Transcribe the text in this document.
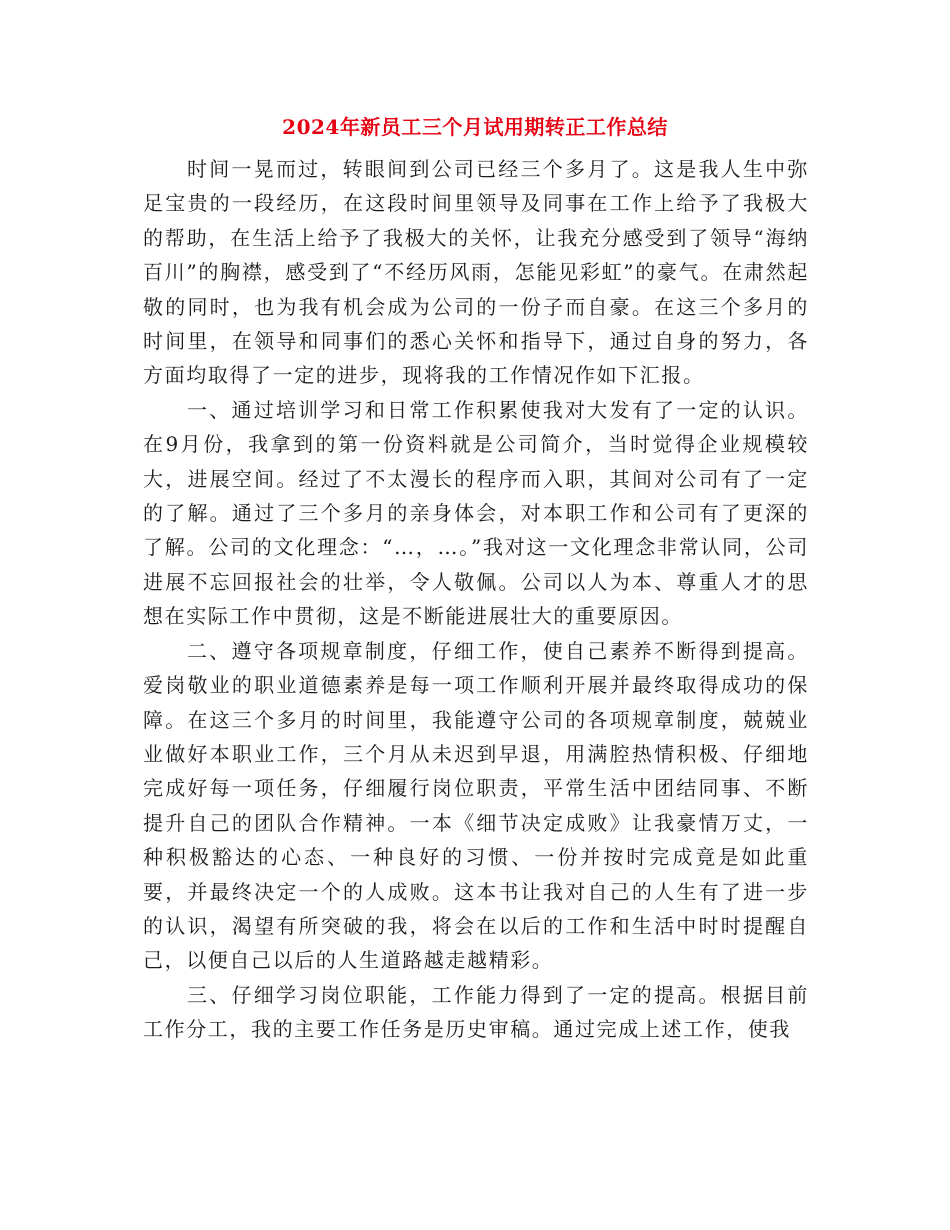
2024年新员工三个月试用期转正工作总结

时间一晃而过，转眼间到公司已经三个多月了。这是我人生中弥足宝贵的一段经历，在这段时间里领导及同事在工作上给予了我极大的帮助，在生活上给予了我极大的关怀，让我充分感受到了领导“海纳百川”的胸襟，感受到了“不经历风雨，怎能见彩虹”的豪气。在肃然起敬的同时，也为我有机会成为公司的一份子而自豪。在这三个多月的时间里，在领导和同事们的悉心关怀和指导下，通过自身的努力，各方面均取得了一定的进步，现将我的工作情况作如下汇报。

一、通过培训学习和日常工作积累使我对大发有了一定的认识。在9月份，我拿到的第一份资料就是公司简介，当时觉得企业规模较大，进展空间。经过了不太漫长的程序而入职，其间对公司有了一定的了解。通过了三个多月的亲身体会，对本职工作和公司有了更深的了解。公司的文化理念：“…，…。”我对这一文化理念非常认同，公司进展不忘回报社会的壮举，令人敬佩。公司以人为本、尊重人才的思想在实际工作中贯彻，这是不断能进展壮大的重要原因。

二、遵守各项规章制度，仔细工作，使自己素养不断得到提高。爱岗敬业的职业道德素养是每一项工作顺利开展并最终取得成功的保障。在这三个多月的时间里，我能遵守公司的各项规章制度，兢兢业业做好本职业工作，三个月从未迟到早退，用满腔热情积极、仔细地完成好每一项任务，仔细履行岗位职责，平常生活中团结同事、不断提升自己的团队合作精神。一本《细节决定成败》让我豪情万丈，一种积极豁达的心态、一种良好的习惯、一份并按时完成竟是如此重要，并最终决定一个的人成败。这本书让我对自己的人生有了进一步的认识，渴望有所突破的我，将会在以后的工作和生活中时时提醒自己，以便自己以后的人生道路越走越精彩。

三、仔细学习岗位职能，工作能力得到了一定的提高。根据目前工作分工，我的主要工作任务是历史审稿。通过完成上述工作，使我
